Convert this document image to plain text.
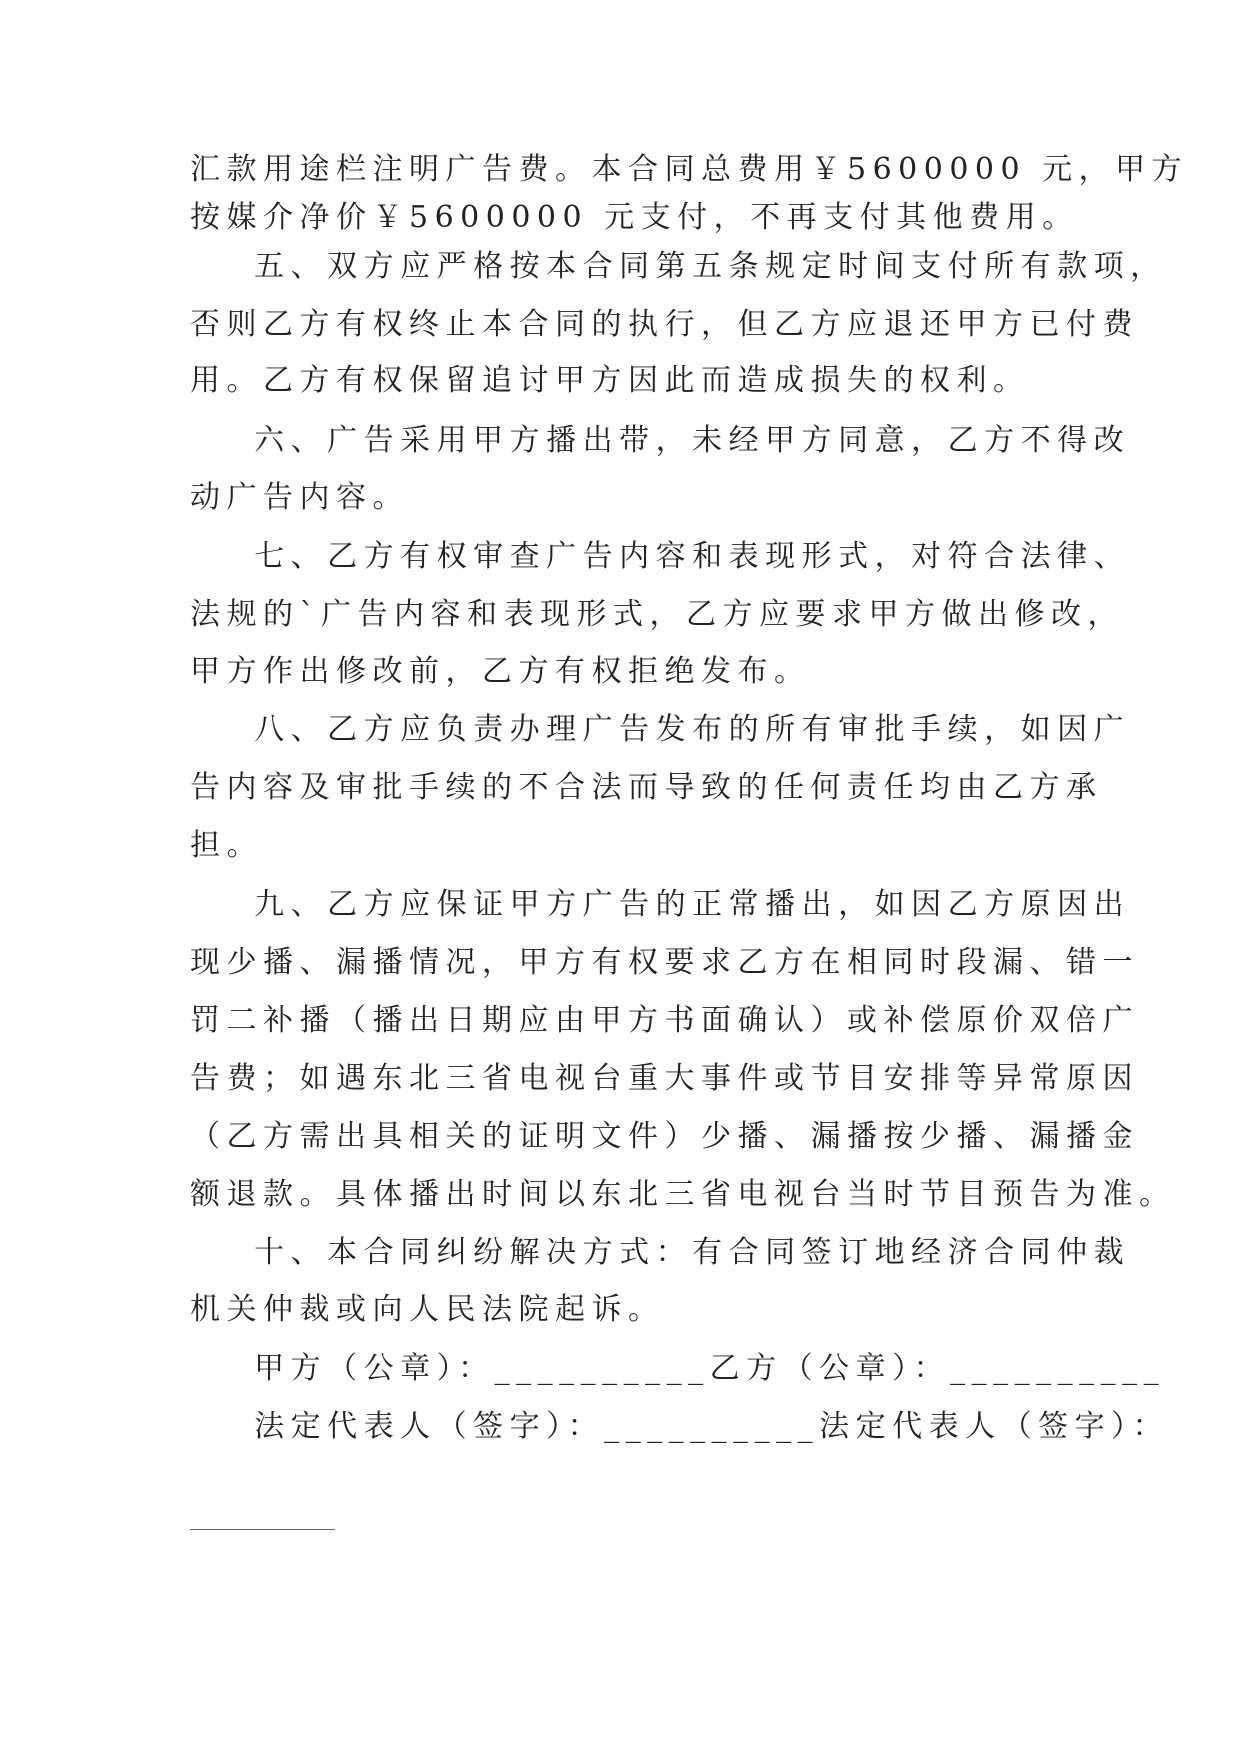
汇款用途栏注明广告费。本合同总费用￥5600000 元，甲方
按媒介净价￥5600000 元支付，不再支付其他费用。
五、双方应严格按本合同第五条规定时间支付所有款项，
否则乙方有权终止本合同的执行，但乙方应退还甲方已付费
用。乙方有权保留追讨甲方因此而造成损失的权利。
六、广告采用甲方播出带，未经甲方同意，乙方不得改
动广告内容。
七、乙方有权审查广告内容和表现形式，对符合法律、
法规的`广告内容和表现形式，乙方应要求甲方做出修改，
甲方作出修改前，乙方有权拒绝发布。
八、乙方应负责办理广告发布的所有审批手续，如因广
告内容及审批手续的不合法而导致的任何责任均由乙方承
担。
九、乙方应保证甲方广告的正常播出，如因乙方原因出
现少播、漏播情况，甲方有权要求乙方在相同时段漏、错一
罚二补播（播出日期应由甲方书面确认）或补偿原价双倍广
告费；如遇东北三省电视台重大事件或节目安排等异常原因
（乙方需出具相关的证明文件）少播、漏播按少播、漏播金
额退款。具体播出时间以东北三省电视台当时节目预告为准。
十、本合同纠纷解决方式：有合同签订地经济合同仲裁
机关仲裁或向人民法院起诉。
甲方（公章）：__________乙方（公章）：__________
法定代表人（签字）：__________法定代表人（签字）：
